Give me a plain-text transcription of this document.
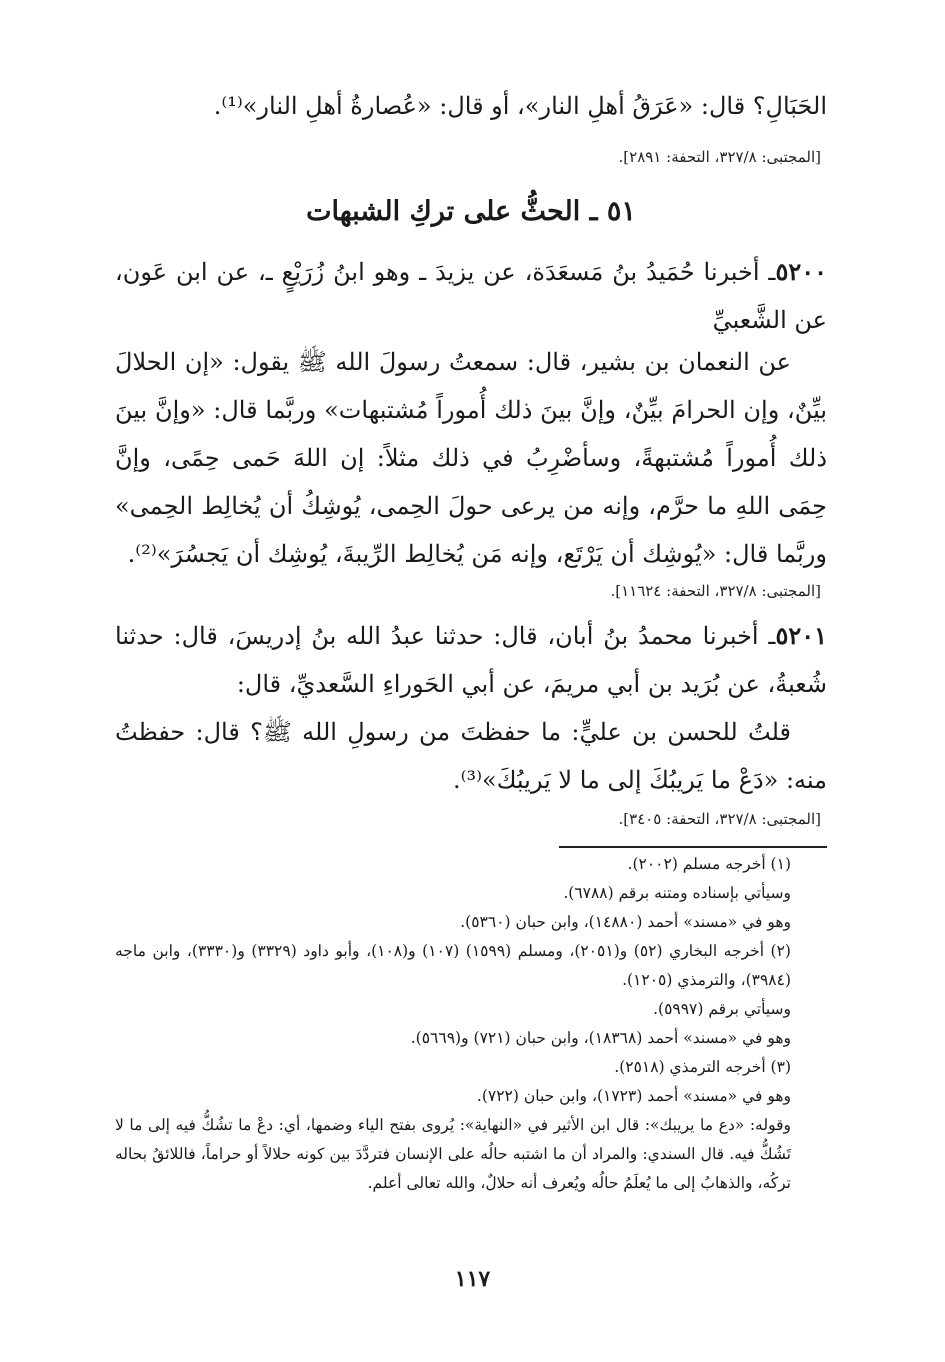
الحَبَالِ؟ قال: «عَرَقُ أهلِ النار»، أو قال: «عُصارةُ أهلِ النار»⁽¹⁾.
[المجتبى: ٣٢٧/٨، التحفة: ٢٨٩١].
٥١ ـ الحثُّ على تركِ الشبهات
٥٢٠٠ـ أخبرنا حُمَيدُ بنُ مَسعَدَة، عن يزيدَ ـ وهو ابنُ زُرَيْعٍ ـ، عن ابن عَون، عن الشَّعبيِّ
عن النعمان بن بشير، قال: سمعتُ رسولَ الله ﷺ يقول: «إن الحلالَ بيِّنٌ، وإن الحرامَ بيِّنٌ، وإنَّ بينَ ذلك أُموراً مُشتبهات» وربَّما قال: «وإنَّ بينَ ذلك أُموراً مُشتبهةً، وسأضْرِبُ في ذلك مثلاً: إن اللهَ حَمى حِمًى، وإنَّ حِمَى اللهِ ما حرَّم، وإنه من يرعى حولَ الحِمى، يُوشِكُ أن يُخالِط الحِمى» وربَّما قال: «يُوشِك أن يَرْتَع، وإنه مَن يُخالِط الرِّيبةَ، يُوشِك أن يَجسُرَ»⁽²⁾.
[المجتبى: ٣٢٧/٨، التحفة: ١١٦٢٤].
٥٢٠١ـ أخبرنا محمدُ بنُ أبان، قال: حدثنا عبدُ الله بنُ إدريسَ، قال: حدثنا شُعبةُ، عن بُرَيد بن أبي مريمَ، عن أبي الحَوراءِ السَّعديِّ، قال:
قلتُ للحسن بن عليٍّ: ما حفظتَ من رسولِ الله ﷺ؟ قال: حفظتُ منه: «دَعْ ما يَريبُكَ إلى ما لا يَريبُكَ»⁽³⁾.
[المجتبى: ٣٢٧/٨، التحفة: ٣٤٠٥].
(١) أخرجه مسلم (٢٠٠٢).
وسيأتي بإسناده ومتنه برقم (٦٧٨٨).
وهو في «مسند» أحمد (١٤٨٨٠)، وابن حبان (٥٣٦٠).
(٢) أخرجه البخاري (٥٢) و(٢٠٥١)، ومسلم (١٥٩٩) (١٠٧) و(١٠٨)، وأبو داود (٣٣٢٩) و(٣٣٣٠)، وابن ماجه (٣٩٨٤)، والترمذي (١٢٠٥).
وسيأتي برقم (٥٩٩٧).
وهو في «مسند» أحمد (١٨٣٦٨)، وابن حبان (٧٢١) و(٥٦٦٩).
(٣) أخرجه الترمذي (٢٥١٨).
وهو في «مسند» أحمد (١٧٢٣)، وابن حبان (٧٢٢).
وقوله: «دع ما يريبك»: قال ابن الأثير في «النهاية»: يُروى بفتح الياء وضمها، أي: دعْ ما تشُكُّ فيه إلى ما لا تَشُكُّ فيه. قال السندي: والمراد أن ما اشتبه حالُه على الإنسان فتردَّدَ بين كونه حلالاً أو حراماً، فاللائقُ بحاله تركُه، والذهابُ إلى ما يُعلَمُ حالُه ويُعرف أنه حلالٌ، والله تعالى أعلم.
١١٧
